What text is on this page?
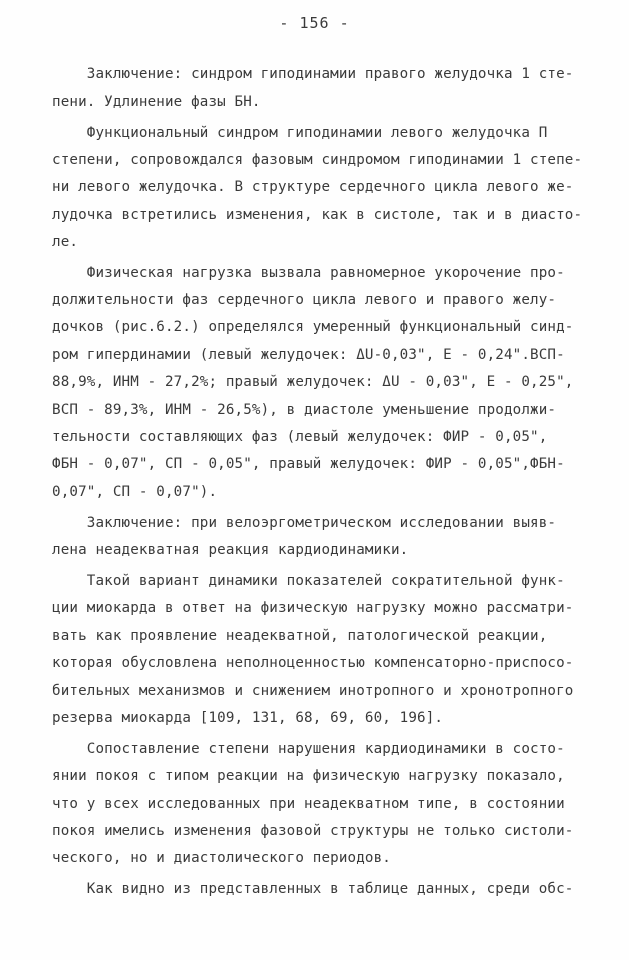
- 156 -
Заключение: синдром гиподинамии правого желудочка 1 сте-
пени. Удлинение фазы БН.
Функциональный синдром гиподинамии левого желудочка П
степени, сопровождался фазовым синдромом гиподинамии 1 степе-
ни левого желудочка. В структуре сердечного цикла левого же-
лудочка встретились изменения, как в систоле, так и в диасто-
ле.
Физическая нагрузка вызвала равномерное укорочение про-
должительности фаз сердечного цикла левого и правого желу-
дочков (рис.6.2.) определялся умеренный функциональный синд-
ром гипердинамии (левый желудочек: ΔU-0,03", Е - 0,24".ВСП-
88,9%, ИНМ - 27,2%; правый желудочек: ΔU - 0,03", Е - 0,25",
ВСП - 89,3%, ИНМ - 26,5%), в диастоле уменьшение продолжи-
тельности составляющих фаз (левый желудочек: ФИР - 0,05",
ФБН - 0,07", СП - 0,05", правый желудочек: ФИР - 0,05",ФБН-
0,07", СП - 0,07").
Заключение: при велоэргометрическом исследовании выяв-
лена неадекватная реакция кардиодинамики.
Такой вариант динамики показателей сократительной функ-
ции миокарда в ответ на физическую нагрузку можно рассматри-
вать как проявление неадекватной, патологической реакции,
которая обусловлена неполноценностью компенсаторно-приспосо-
бительных механизмов и снижением инотропного и хронотропного
резерва миокарда [109, 131, 68, 69, 60, 196].
Сопоставление степени нарушения кардиодинамики в состо-
янии покоя с типом реакции на физическую нагрузку показало,
что у всех исследованных при неадекватном типе, в состоянии
покоя имелись изменения фазовой структуры не только систоли-
ческого, но и диастолического периодов.
Как видно из представленных в таблице данных, среди обс-
